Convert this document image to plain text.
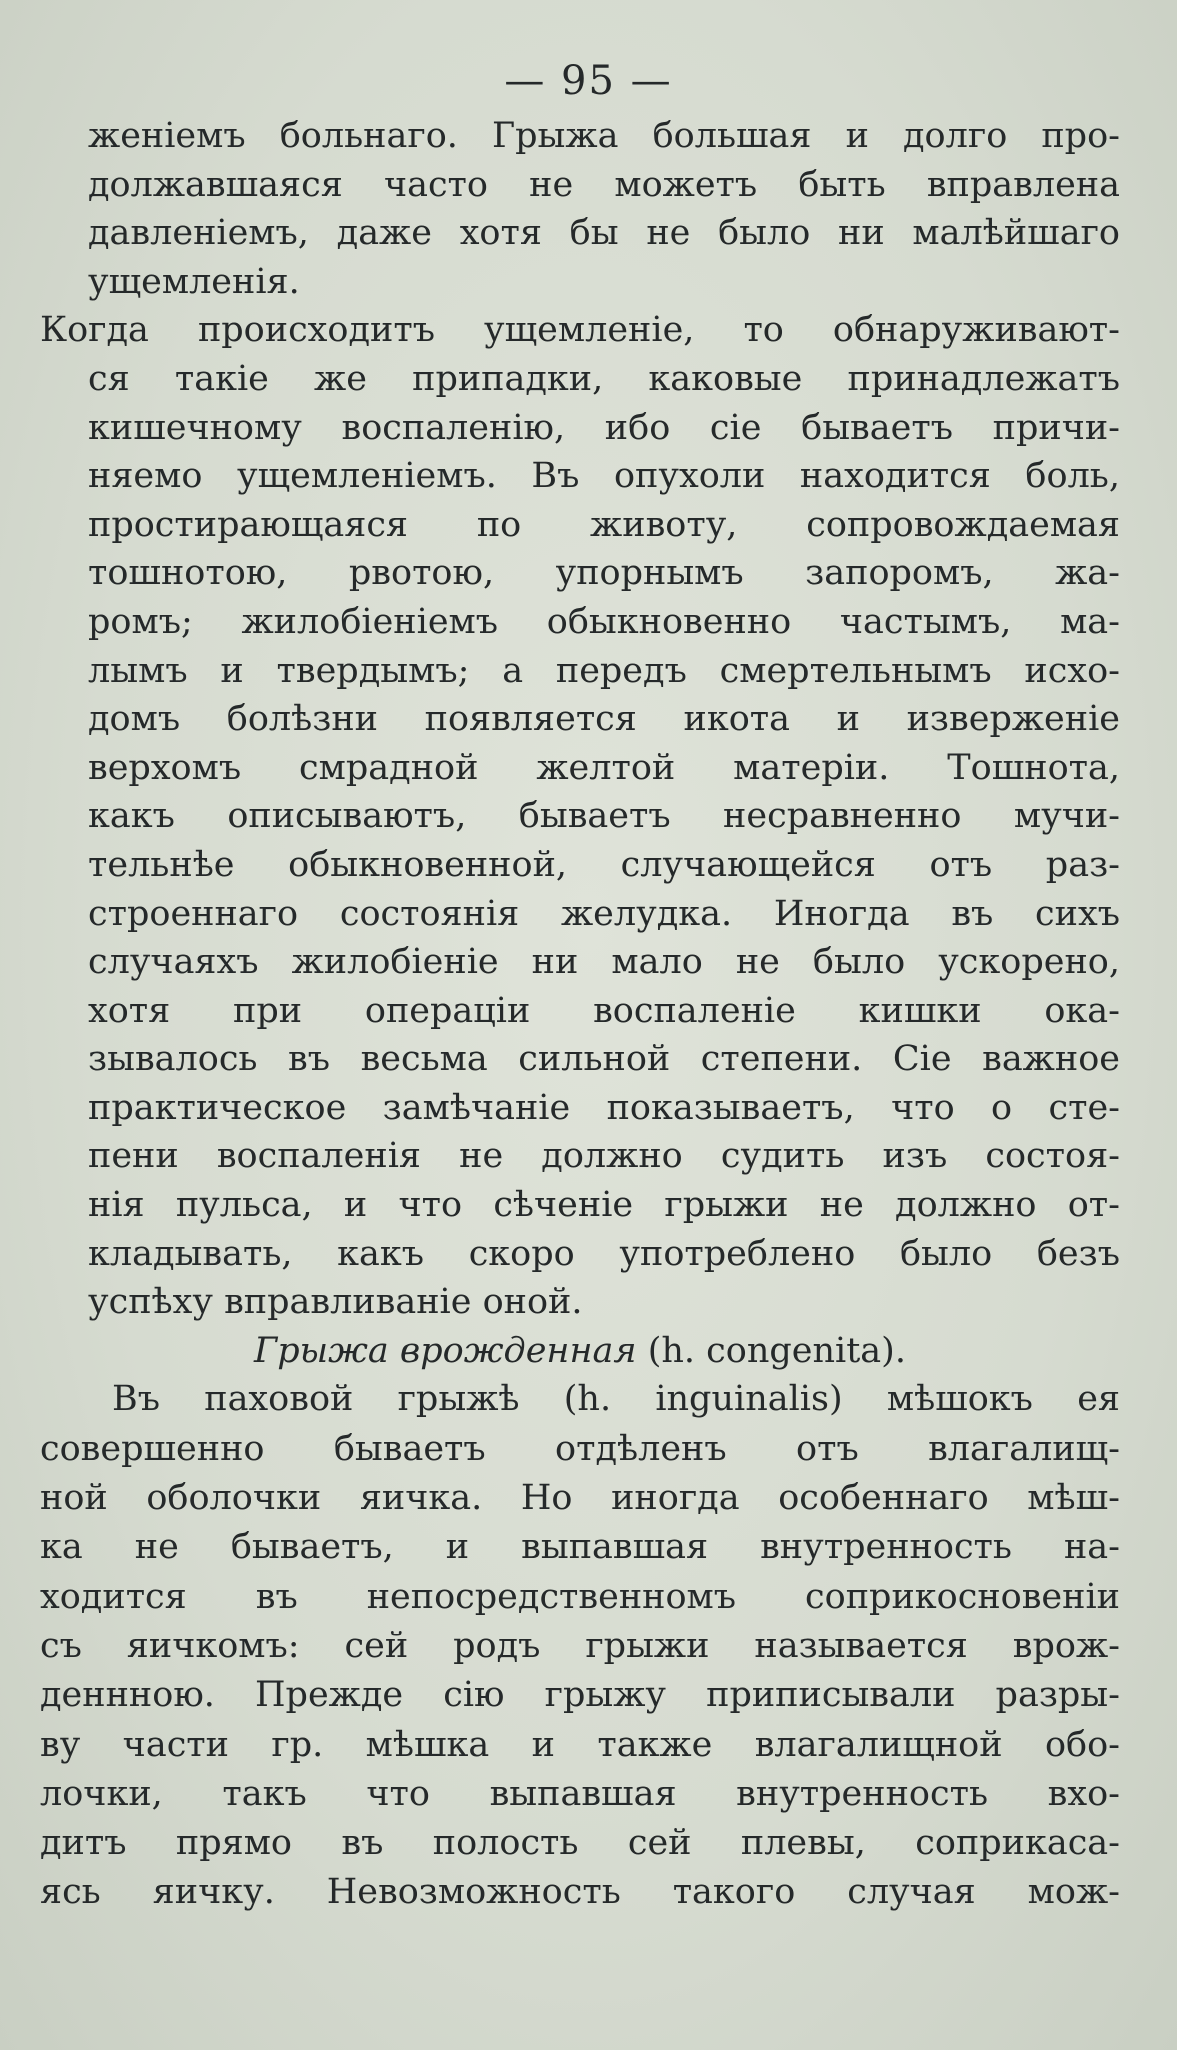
— 95 —
женіемъ больнаго. Грыжа большая и долго про-
должавшаяся часто не можетъ быть вправлена
давленіемъ, даже хотя бы не было ни малѣйшаго
ущемленія.
Когда происходитъ ущемленіе, то обнаруживают-
ся такіе же припадки, каковые принадлежатъ
кишечному воспаленію, ибо сіе бываетъ причи-
няемо ущемленіемъ. Въ опухоли находится боль,
простирающаяся по животу, сопровождаемая
тошнотою, рвотою, упорнымъ запоромъ, жа-
ромъ; жилобіеніемъ обыкновенно частымъ, ма-
лымъ и твердымъ; а передъ смертельнымъ исхо-
домъ болѣзни появляется икота и изверженіе
верхомъ смрадной желтой матеріи. Тошнота,
какъ описываютъ, бываетъ несравненно мучи-
тельнѣе обыкновенной, случающейся отъ раз-
строеннаго состоянія желудка. Иногда въ сихъ
случаяхъ жилобіеніе ни мало не было ускорено,
хотя при операціи воспаленіе кишки ока-
зывалось въ весьма сильной степени. Сіе важное
практическое замѣчаніе показываетъ, что о сте-
пени воспаленія не должно судить изъ состоя-
нія пульса, и что сѣченіе грыжи не должно от-
кладывать, какъ скоро употреблено было безъ
успѣху вправливаніе оной.
Грыжа врожденная (h. congenita).
Въ паховой грыжѣ (h. inguinalis) мѣшокъ ея
совершенно бываетъ отдѣленъ отъ влагалищ-
ной оболочки яичка. Но иногда особеннаго мѣш-
ка не бываетъ, и выпавшая внутренность на-
ходится въ непосредственномъ соприкосновеніи
съ яичкомъ: сей родъ грыжи называется врож-
деннною. Прежде сію грыжу приписывали разры-
ву части гр. мѣшка и также влагалищной обо-
лочки, такъ что выпавшая внутренность вхо-
дитъ прямо въ полость сей плевы, соприкаса-
ясь яичку. Невозможность такого случая мож-
